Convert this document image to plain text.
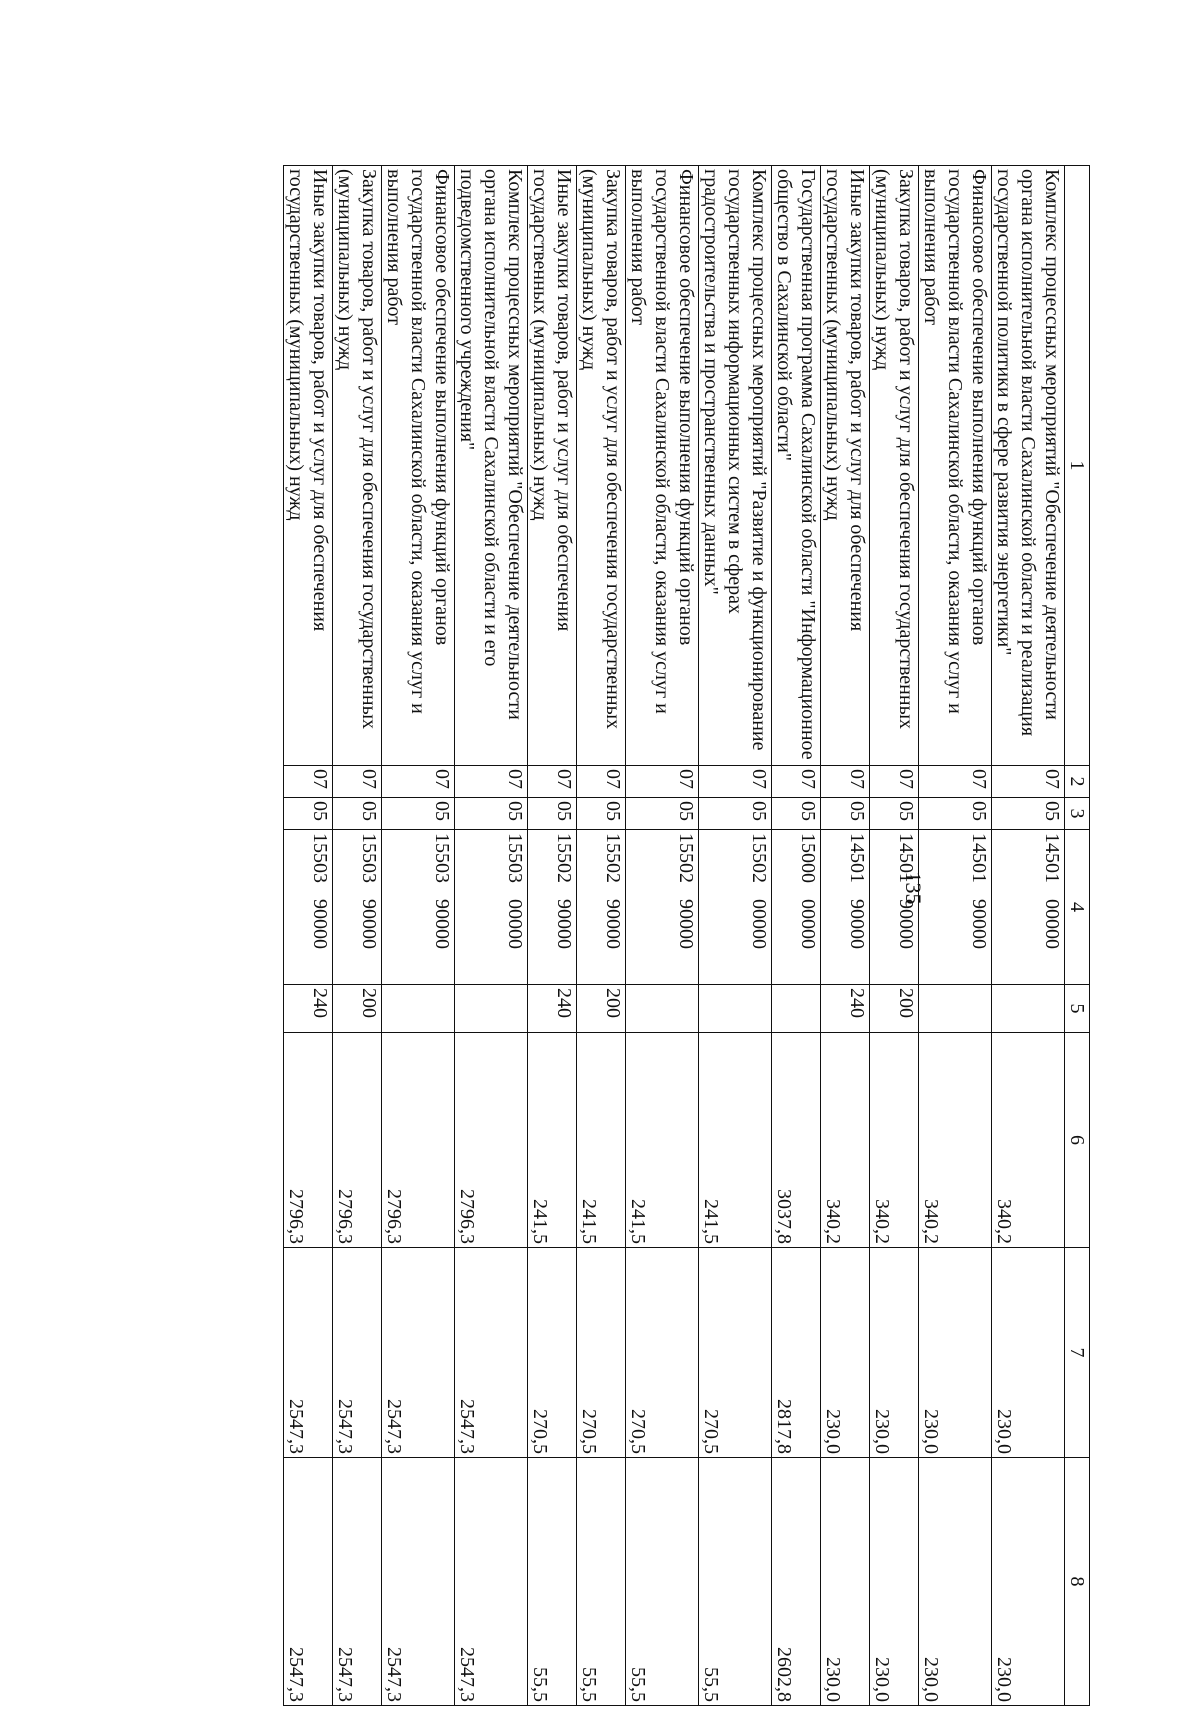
135
1	2	3	4	5	6	7	8
Комплекс процессных мероприятий "Обеспечение деятельности органа исполнительной власти Сахалинской области и реализация государственной политики в сфере развития энергетики"	07	05	1450100000		340,2	230,0	230,0
Финансовое обеспечение выполнения функций органов государственной власти Сахалинской области, оказания услуг и выполнения работ	07	05	1450190000		340,2	230,0	230,0
Закупка товаров, работ и услуг для обеспечения государственных (муниципальных) нужд	07	05	1450190000	200	340,2	230,0	230,0
Иные закупки товаров, работ и услуг для обеспечения государственных (муниципальных) нужд	07	05	1450190000	240	340,2	230,0	230,0
Государственная программа Сахалинской области "Информационное общество в Сахалинской области"	07	05	1500000000		3037,8	2817,8	2602,8
Комплекс процессных мероприятий "Развитие и функционирование государственных информационных систем в сферах градостроительства и пространственных данных"	07	05	1550200000		241,5	270,5	55,5
Финансовое обеспечение выполнения функций органов государственной власти Сахалинской области, оказания услуг и выполнения работ	07	05	1550290000		241,5	270,5	55,5
Закупка товаров, работ и услуг для обеспечения государственных (муниципальных) нужд	07	05	1550290000	200	241,5	270,5	55,5
Иные закупки товаров, работ и услуг для обеспечения государственных (муниципальных) нужд	07	05	1550290000	240	241,5	270,5	55,5
Комплекс процессных мероприятий "Обеспечение деятельности органа исполнительной власти Сахалинской области и его подведомственного учреждения"	07	05	1550300000		2796,3	2547,3	2547,3
Финансовое обеспечение выполнения функций органов государственной власти Сахалинской области, оказания услуг и выполнения работ	07	05	1550390000		2796,3	2547,3	2547,3
Закупка товаров, работ и услуг для обеспечения государственных (муниципальных) нужд	07	05	1550390000	200	2796,3	2547,3	2547,3
Иные закупки товаров, работ и услуг для обеспечения государственных (муниципальных) нужд	07	05	1550390000	240	2796,3	2547,3	2547,3
